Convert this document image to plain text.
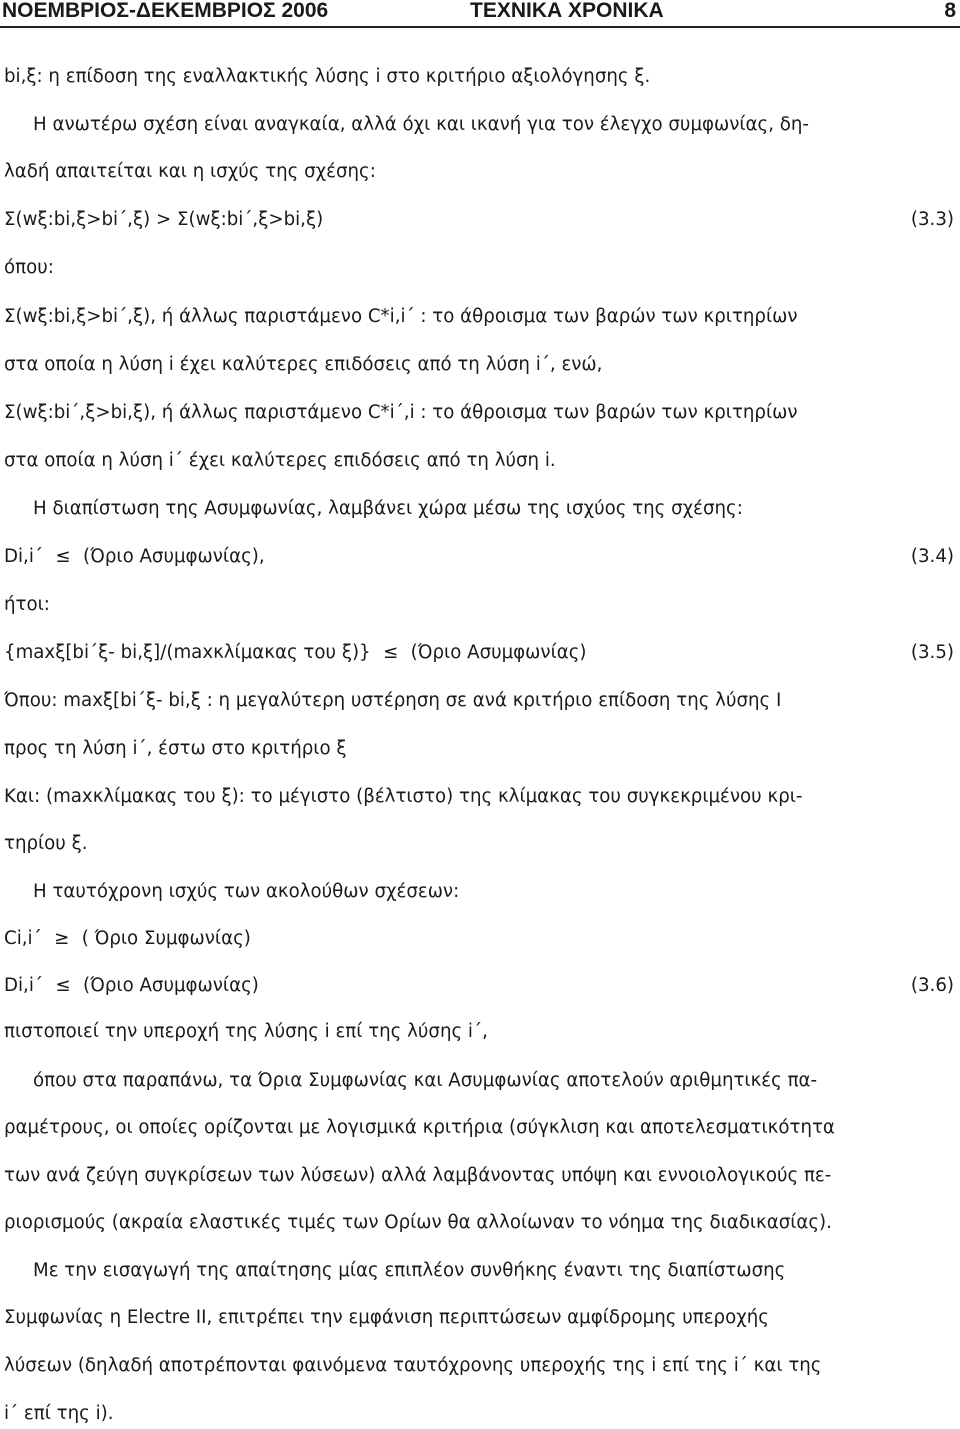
ΝΟΕΜΒΡΙΟΣ-ΔΕΚΕΜΒΡΙΟΣ 2006	ΤΕΧΝΙΚΑ ΧΡΟΝΙΚΑ	8
bi,ξ: η επίδοση της εναλλακτικής λύσης i στο κριτήριο αξιολόγησης ξ.
Η ανωτέρω σχέση είναι αναγκαία, αλλά όχι και ικανή για τον έλεγχο συμφωνίας, δη-
λαδή απαιτείται και η ισχύς της σχέσης:
Σ(wξ:bi,ξ>bi΄,ξ) > Σ(wξ:bi΄,ξ>bi,ξ)	(3.3)
όπου:
Σ(wξ:bi,ξ>bi΄,ξ), ή άλλως παριστάμενο C*i,i΄ : το άθροισμα των βαρών των κριτηρίων
στα οποία η λύση i έχει καλύτερες επιδόσεις από τη λύση i΄, ενώ,
Σ(wξ:bi΄,ξ>bi,ξ), ή άλλως παριστάμενο C*i΄,i : το άθροισμα των βαρών των κριτηρίων
στα οποία η λύση i΄ έχει καλύτερες επιδόσεις από τη λύση i.
Η διαπίστωση της Ασυμφωνίας, λαμβάνει χώρα μέσω της ισχύος της σχέσης:
Di,i΄ ≤ (Όριο Ασυμφωνίας),	(3.4)
ήτοι:
{maxξ[bi΄ξ- bi,ξ]/(maxκλίμακας του ξ)} ≤ (Όριο Ασυμφωνίας)	(3.5)
Όπου: maxξ[bi΄ξ- bi,ξ : η μεγαλύτερη υστέρηση σε ανά κριτήριο επίδοση της λύσης I
προς τη λύση i΄, έστω στο κριτήριο ξ
Και: (maxκλίμακας του ξ): το μέγιστο (βέλτιστο) της κλίμακας του συγκεκριμένου κρι-
τηρίου ξ.
Η ταυτόχρονη ισχύς των ακολούθων σχέσεων:
Ci,i΄ ≥ ( Όριο Συμφωνίας)
Di,i΄ ≤ (Όριο Ασυμφωνίας)	(3.6)
πιστοποιεί την υπεροχή της λύσης i επί της λύσης i΄,
όπου στα παραπάνω, τα Όρια Συμφωνίας και Ασυμφωνίας αποτελούν αριθμητικές πα-
ραμέτρους, οι οποίες ορίζονται με λογισμικά κριτήρια (σύγκλιση και αποτελεσματικότητα
των ανά ζεύγη συγκρίσεων των λύσεων) αλλά λαμβάνοντας υπόψη και εννοιολογικούς πε-
ριορισμούς (ακραία ελαστικές τιμές των Ορίων θα αλλοίωναν το νόημα της διαδικασίας).
Με την εισαγωγή της απαίτησης μίας επιπλέον συνθήκης έναντι της διαπίστωσης
Συμφωνίας η Electre II, επιτρέπει την εμφάνιση περιπτώσεων αμφίδρομης υπεροχής
λύσεων (δηλαδή αποτρέπονται φαινόμενα ταυτόχρονης υπεροχής της i επί της i΄ και της
i΄ επί της i).
